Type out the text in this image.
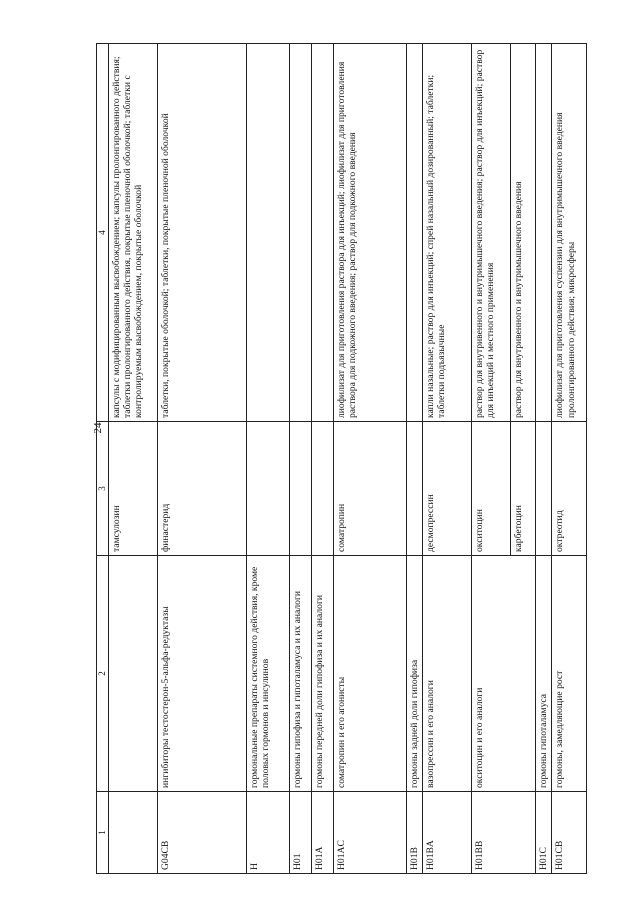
24
1	2	3	4
		тамсулозин	капсулы с модифицированным высвобождением; капсулы пролонгированного действия; таблетки пролонгированного действия, покрытые пленочной оболочкой; таблетки с контролируемым высвобождением, покрытые оболочкой
G04CB	ингибиторы тестостерон-5-альфа-редуктазы	финастерид	таблетки, покрытые оболочкой; таблетки, покрытые пленочной оболочкой
H	гормональные препараты системного действия, кроме половых гормонов и инсулинов		
H01	гормоны гипофиза и гипоталамуса и их аналоги		
H01A	гормоны передней доли гипофиза и их аналоги		
H01AC	соматропин и его агонисты	соматропин	лиофилизат для приготовления раствора для инъекций; лиофилизат для приготовления раствора для подкожного введения; раствор для подкожного введения
H01B	гормоны задней доли гипофиза		
H01BA	вазопрессин и его аналоги	десмопрессин	капли назальные; раствор для инъекций; спрей назальный дозированный; таблетки; таблетки подъязычные
H01BB	окситоцин и его аналоги	окситоцин	раствор для внутривенного и внутримышечного введения; раствор для инъекций; раствор для инъекций и местного применения
		карбетоцин	раствор для внутривенного и внутримышечного введения
H01C	гормоны гипоталамуса		
H01CB	гормоны, замедляющие рост	октреотид	лиофилизат для приготовления суспензии для внутримышечного введения пролонгированного действия; микросферы
